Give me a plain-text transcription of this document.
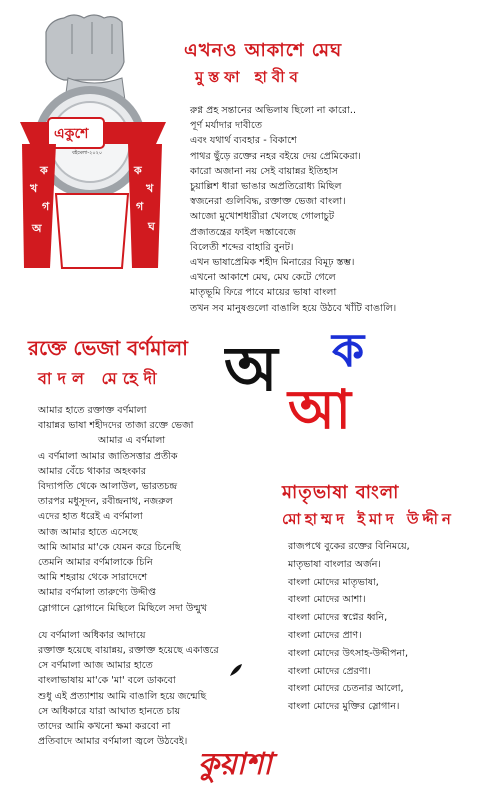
একুশে
বইমেলা-২০২০
ক
খ
গ
অ
ক
খ
গ
ঘ
এখনও আকাশে মেঘ
মুস্তফা হাবীব
রুগ্ন প্রহ সন্তানের অভিলাষ ছিলো না কারো..
পূর্ণ মর্যাদার দাবীতে
এবং যথার্থ ব্যবহার - বিকাশে
পাথর ছুঁড়ে রক্তের নহর বইয়ে দেয় প্রেমিকেরা।
কারো অজানা নয় সেই বায়ান্নর ইতিহাস
চুয়াল্লিশ ধারা ভাঙার অপ্রতিরোধ্য মিছিল
স্বজনেরা গুলিবিদ্ধ, রক্তাক্ত ভেজা বাংলা।
আজো মুখোশধারীরা খেলছে গোলাচুট
প্রজাতন্ত্রের ফাইল দস্তাবেজে
বিলেতী শব্দের বাহারি বুনট।
এখন ভাষাপ্রেমিক শহীদ মিনারের বিমূঢ় স্তম্ভ।
এখনো আকাশে মেঘ, মেঘ কেটে গেলে
মাতৃভূমি ফিরে পাবে মায়ের ভাষা বাংলা
তখন সব মানুষগুলো বাঙালি হয়ে উঠবে খাঁটি বাঙালি।
অ ক
আ
রক্তে ভেজা বর্ণমালা
বাদল মেহেদী
আমার হাতে রক্তাক্ত বর্ণমালা
বায়ান্নর ভাষা শহীদদের তাজা রক্তে ভেজা
আমার এ বর্ণমালা
এ বর্ণমালা আমার জাতিসত্তার প্রতীক
আমার বেঁচে থাকার অহংকার
বিদ্যাপতি থেকে আলাউল, ভারতচন্দ্র
তারপর মধুসূদন, রবীন্দ্রনাথ, নজরুল
এদের হাত ধরেই এ বর্ণমালা
আজ আমার হাতে এসেছে
আমি আমার মা'কে যেমন করে চিনেছি
তেমনি আমার বর্ণমালাকে চিনি
আমি শহরায় থেকে সারাদেশে
আমার বর্ণমালা তারুণ্যে উদ্দীপ্ত
স্লোগানে স্লোগানে মিছিলে মিছিলে সদা উন্মুখ
যে বর্ণমালা অধিকার আদায়ে
রক্তাক্ত হয়েছে বায়ান্নয়, রক্তাক্ত হয়েছে একাত্তরে
সে বর্ণমালা আজ আমার হাতে
বাংলাভাষায় মা'কে 'মা' বলে ডাকবো
শুধু এই প্রত্যাশায় আমি বাঙালি হয়ে জন্মেছি
সে অধিকারে যারা আঘাত হানতে চায়
তাদের আমি কখনো ক্ষমা করবো না
প্রতিবাদে আমার বর্ণমালা জ্বলে উঠবেই।
মাতৃভাষা বাংলা
মোহাম্মদ ইমাদ উদ্দীন
রাজপথে বুকের রক্তের বিনিময়ে,
মাতৃভাষা বাংলার অর্জন।
বাংলা মোদের মাতৃভাষা,
বাংলা মোদের আশা।
বাংলা মোদের স্বপ্নের ধ্বনি,
বাংলা মোদের প্রাণ।
বাংলা মোদের উৎসাহ-উদ্দীপনা,
বাংলা মোদের প্রেরণা।
বাংলা মোদের চেতনার আলো,
বাংলা মোদের মুক্তির স্লোগান।
কুয়াশা
